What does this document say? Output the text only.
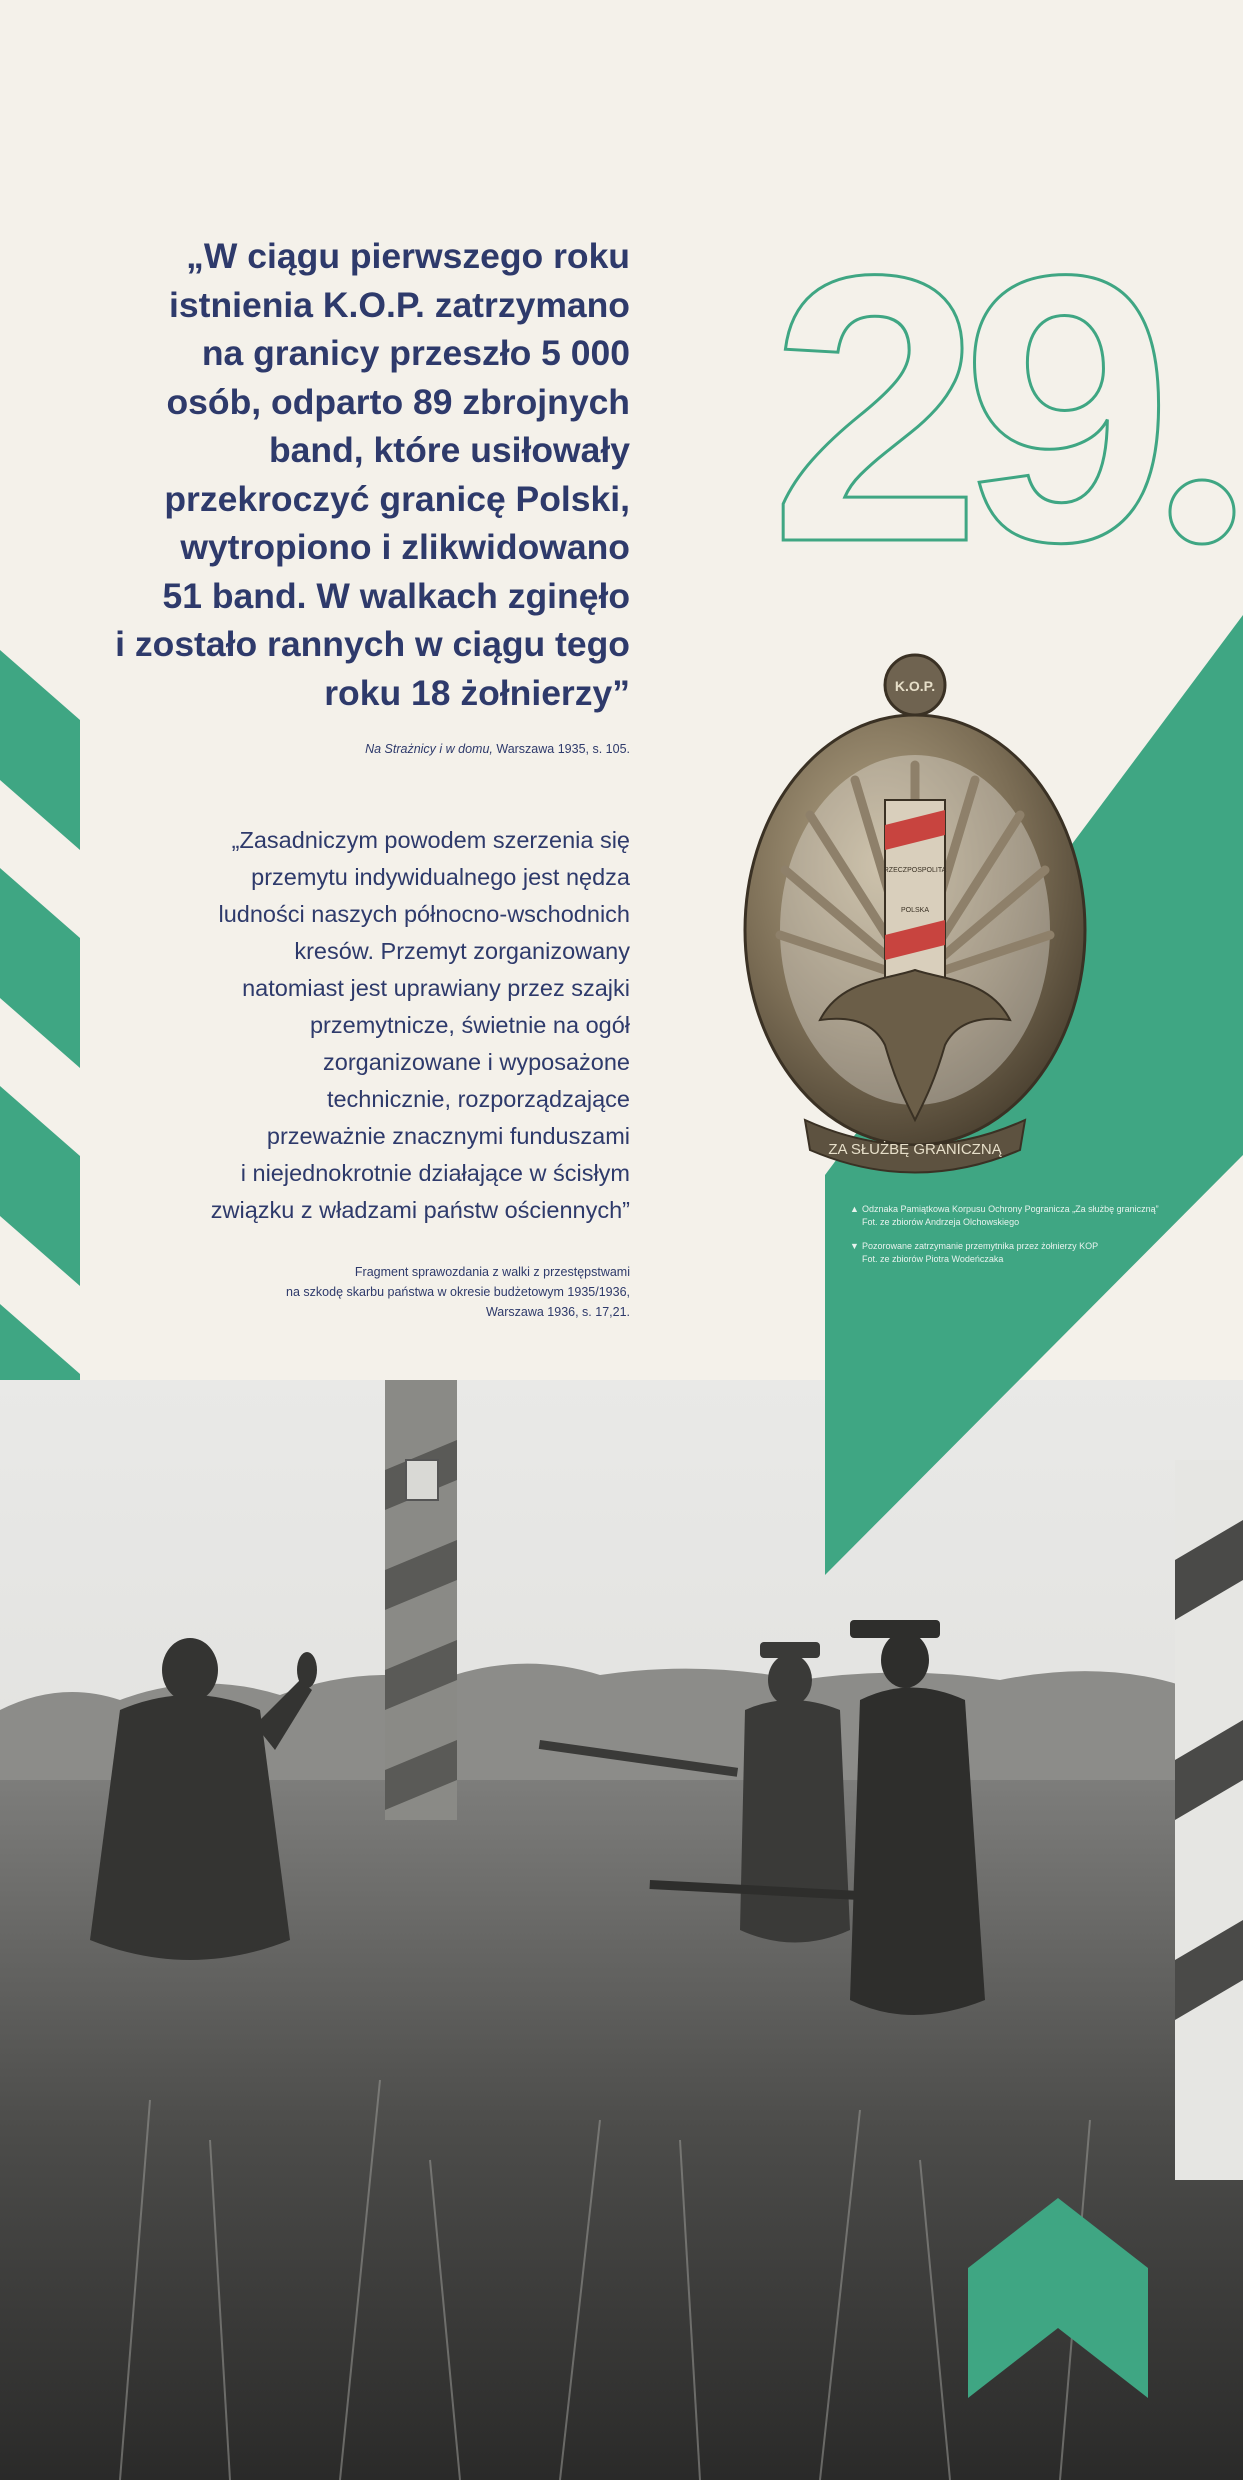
„W ciągu pierwszego roku
istnienia K.O.P. zatrzymano
na granicy przeszło 5 000
osób, odparto 89 zbrojnych
band, które usiłowały
przekroczyć granicę Polski,
wytropiono i zlikwidowano
51 band. W walkach zginęło
i zostało rannych w ciągu tego
roku 18 żołnierzy”
Na Strażnicy i w domu, Warszawa 1935, s. 105.
„Zasadniczym powodem szerzenia się
przemytu indywidualnego jest nędza
ludności naszych północno-wschodnich
kresów. Przemyt zorganizowany
natomiast jest uprawiany przez szajki
przemytnicze, świetnie na ogół
zorganizowane i wyposażone
technicznie, rozporządzające
przeważnie znacznymi funduszami
i niejednokrotnie działające w ścisłym
związku z władzami państw ościennych”
Fragment sprawozdania z walki z przestępstwami
na szkodę skarbu państwa w okresie budżetowym 1935/1936,
Warszawa 1936, s. 17,21.
29
K.O.P.
RZECZPOSPOLITA
POLSKA
ZA SŁUŻBĘ GRANICZNĄ
▲ Odznaka Pamiątkowa Korpusu Ochrony Pogranicza „Za służbę graniczną”
Fot. ze zbiorów Andrzeja Olchowskiego
▼ Pozorowane zatrzymanie przemytnika przez żołnierzy KOP
Fot. ze zbiorów Piotra Wodeńczaka
